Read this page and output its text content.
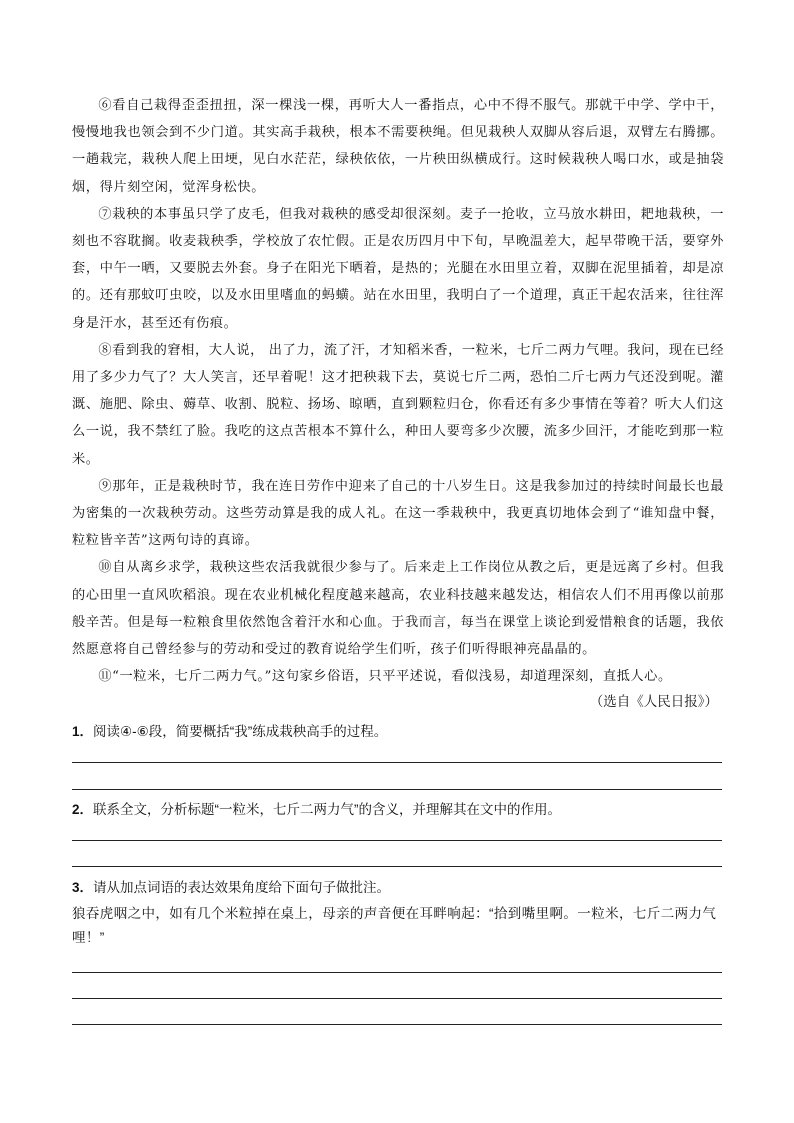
⑥看自己栽得歪歪扭扭，深一棵浅一棵，再听大人一番指点，心中不得不服气。那就干中学、学中干，慢慢地我也领会到不少门道。其实高手栽秧，根本不需要秧绳。但见栽秧人双脚从容后退，双臂左右腾挪。一趟栽完，栽秧人爬上田埂，见白水茫茫，绿秧依依，一片秧田纵横成行。这时候栽秧人喝口水，或是抽袋烟，得片刻空闲，觉浑身松快。

⑦栽秧的本事虽只学了皮毛，但我对栽秧的感受却很深刻。麦子一抢收，立马放水耕田，耙地栽秧，一刻也不容耽搁。收麦栽秧季，学校放了农忙假。正是农历四月中下旬，早晚温差大，起早带晚干活，要穿外套，中午一晒，又要脱去外套。身子在阳光下晒着，是热的；光腿在水田里立着，双脚在泥里插着，却是凉的。还有那蚊叮虫咬，以及水田里嗜血的蚂蟥。站在水田里，我明白了一个道理，真正干起农活来，往往浑身是汗水，甚至还有伤痕。

⑧看到我的窘相，大人说， 出了力，流了汗，才知稻米香，一粒米，七斤二两力气哩。我问，现在已经用了多少力气了？大人笑言，还早着呢！这才把秧栽下去，莫说七斤二两，恐怕二斤七两力气还没到呢。灌溉、施肥、除虫、薅草、收割、脱粒、扬场、晾晒，直到颗粒归仓，你看还有多少事情在等着？听大人们这么一说，我不禁红了脸。我吃的这点苦根本不算什么，种田人要弯多少次腰，流多少回汗，才能吃到那一粒米。

⑨那年，正是栽秧时节，我在连日劳作中迎来了自己的十八岁生日。这是我参加过的持续时间最长也最为密集的一次栽秧劳动。这些劳动算是我的成人礼。在这一季栽秧中，我更真切地体会到了“谁知盘中餐，粒粒皆辛苦”这两句诗的真谛。

⑩自从离乡求学，栽秧这些农活我就很少参与了。后来走上工作岗位从教之后，更是远离了乡村。但我的心田里一直风吹稻浪。现在农业机械化程度越来越高，农业科技越来越发达，相信农人们不用再像以前那般辛苦。但是每一粒粮食里依然饱含着汗水和心血。于我而言，每当在课堂上谈论到爱惜粮食的话题，我依然愿意将自己曾经参与的劳动和受过的教育说给学生们听，孩子们听得眼神亮晶晶的。

⑪“一粒米，七斤二两力气。”这句家乡俗语，只平平述说，看似浅易，却道理深刻，直抵人心。

（选自《人民日报》）
1．阅读④-⑥段，简要概括“我”练成栽秧高手的过程。
2．联系全文，分析标题“一粒米，七斤二两力气”的含义，并理解其在文中的作用。
3．请从加点词语的表达效果角度给下面句子做批注。
狼吞虎咽之中，如有几个米粒掉在桌上，母亲的声音便在耳畔响起：“拾到嘴里啊。一粒米，七斤二两力气哩！”
